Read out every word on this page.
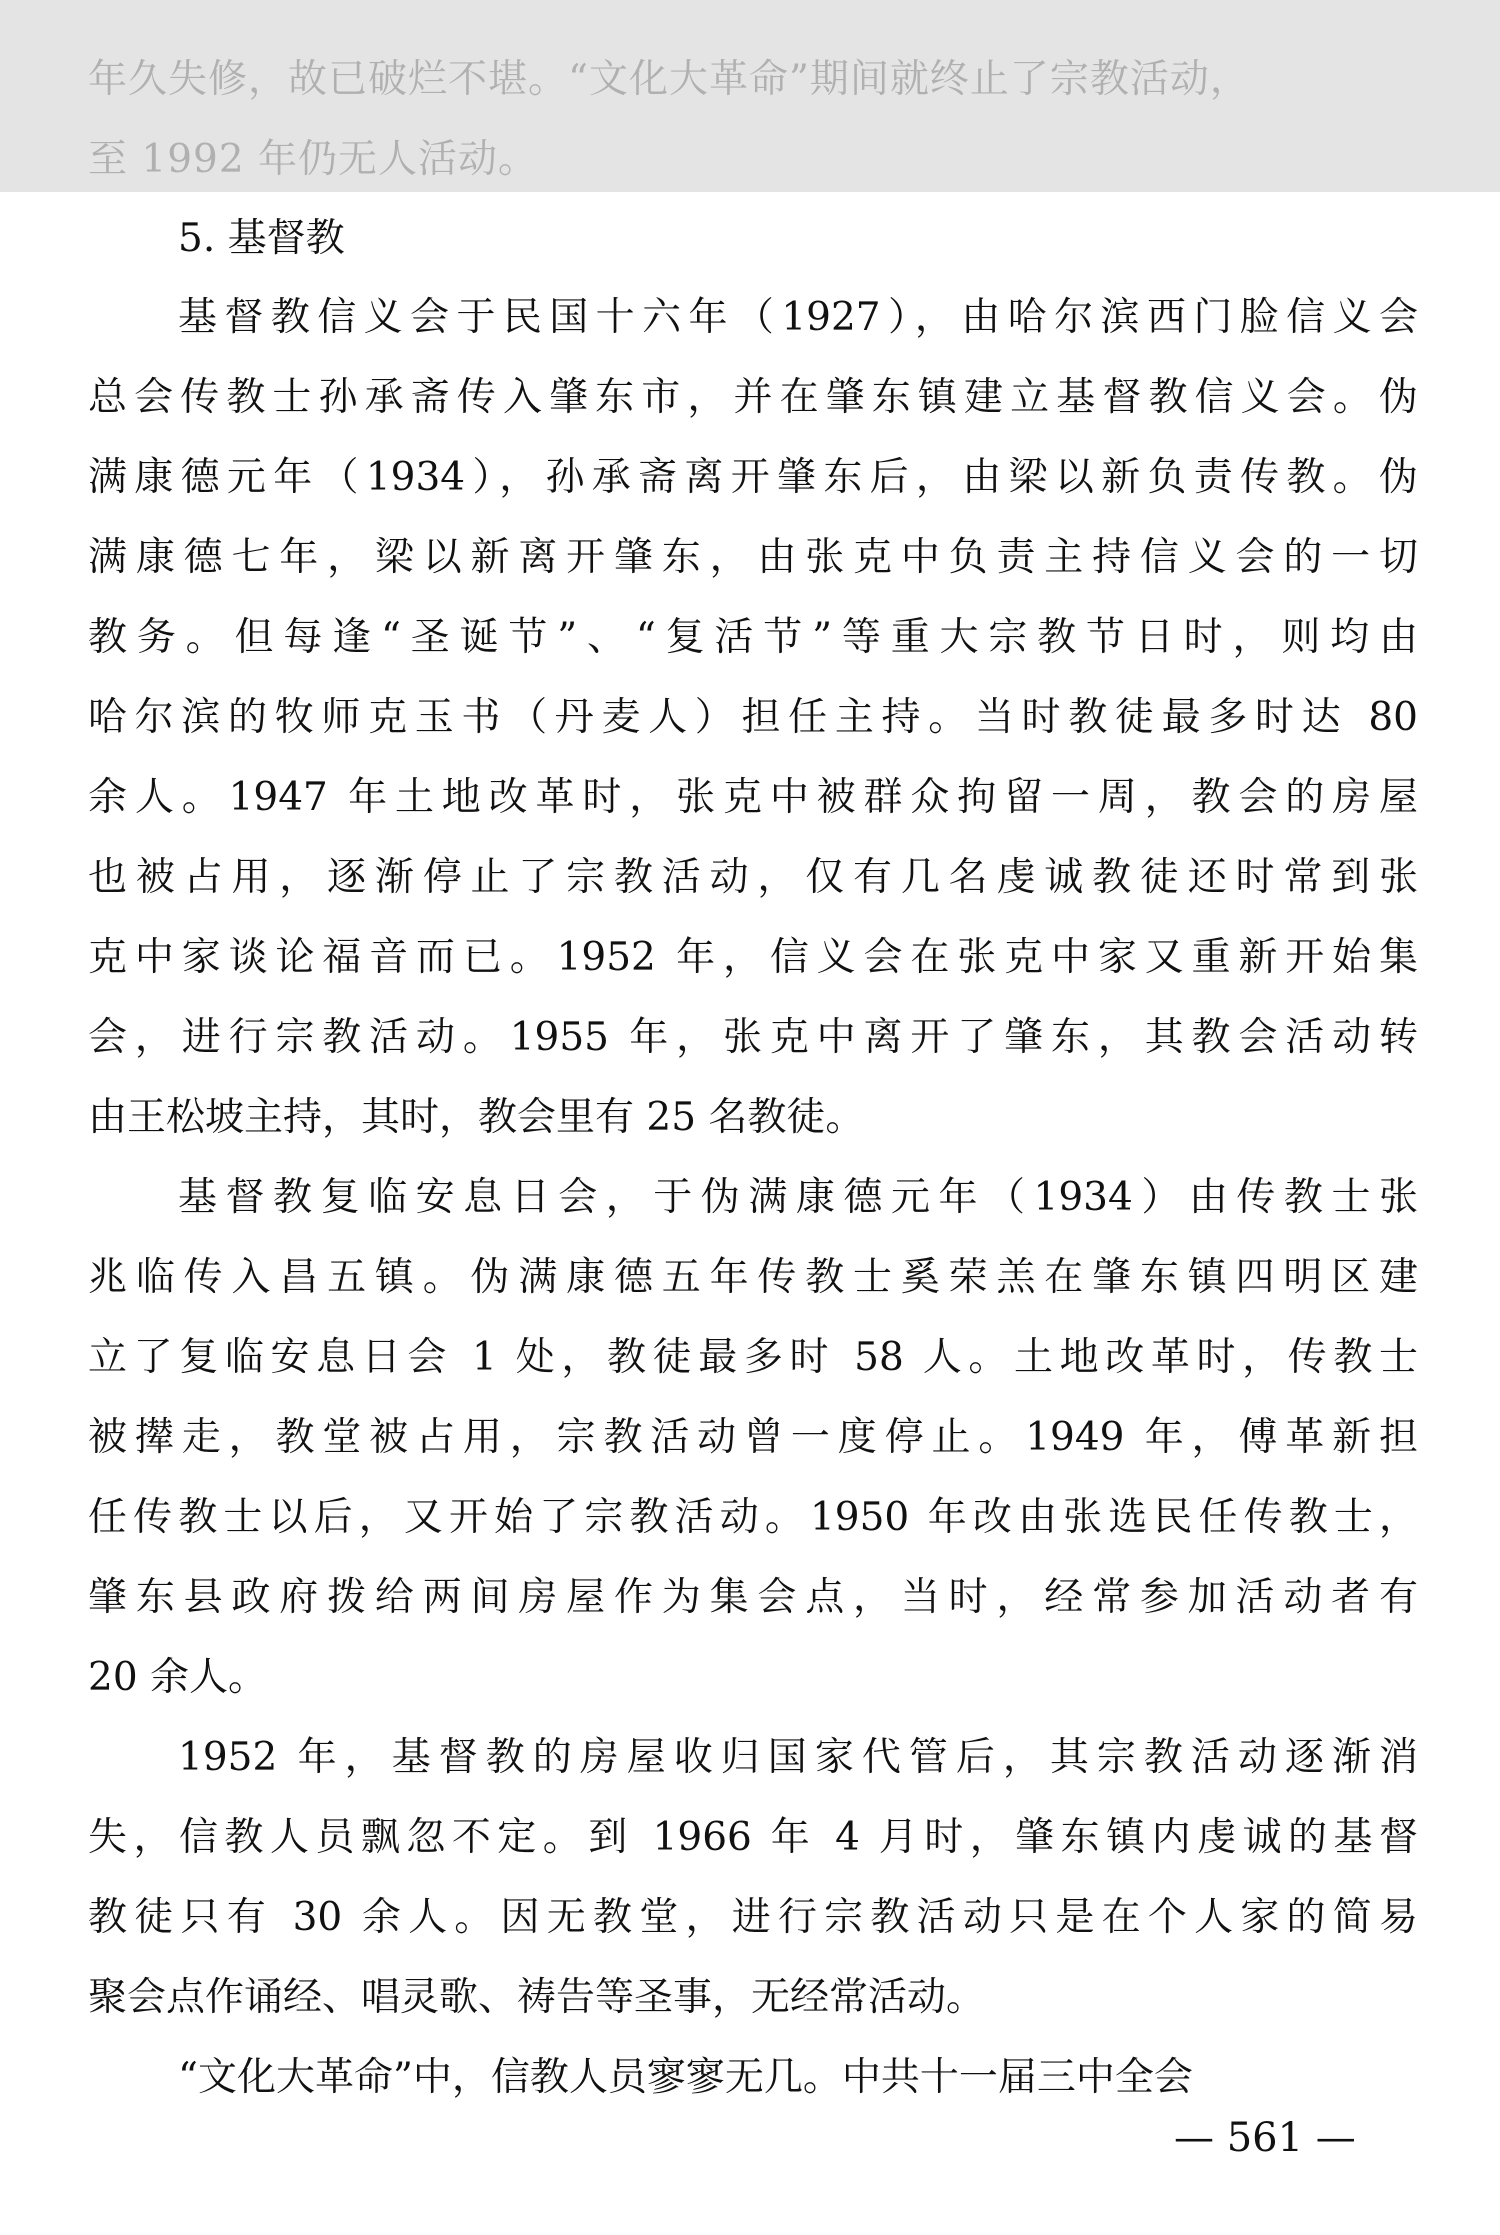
年久失修，故已破烂不堪。“文化大革命”期间就终止了宗教活动，

至 1992 年仍无人活动。

5. 基督教
基督教信义会于民国十六年（1927），由哈尔滨西门脸信义会
总会传教士孙承斋传入肇东市，并在肇东镇建立基督教信义会。伪
满康德元年（1934），孙承斋离开肇东后，由梁以新负责传教。伪
满康德七年，梁以新离开肇东，由张克中负责主持信义会的一切
教务。但每逢“圣诞节”、“复活节”等重大宗教节日时，则均由
哈尔滨的牧师克玉书（丹麦人）担任主持。当时教徒最多时达 80
余人。1947 年土地改革时，张克中被群众拘留一周，教会的房屋
也被占用，逐渐停止了宗教活动，仅有几名虔诚教徒还时常到张
克中家谈论福音而已。1952 年，信义会在张克中家又重新开始集
会，进行宗教活动。1955 年，张克中离开了肇东，其教会活动转
由王松坡主持，其时，教会里有 25 名教徒。
基督教复临安息日会，于伪满康德元年（1934）由传教士张
兆临传入昌五镇。伪满康德五年传教士奚荣羔在肇东镇四明区建
立了复临安息日会 1 处，教徒最多时 58 人。土地改革时，传教士
被撵走，教堂被占用，宗教活动曾一度停止。1949 年，傅革新担
任传教士以后，又开始了宗教活动。1950 年改由张选民任传教士，
肇东县政府拨给两间房屋作为集会点，当时，经常参加活动者有
20 余人。
1952 年，基督教的房屋收归国家代管后，其宗教活动逐渐消
失，信教人员飘忽不定。到 1966 年 4 月时，肇东镇内虔诚的基督
教徒只有 30 余人。因无教堂，进行宗教活动只是在个人家的简易
聚会点作诵经、唱灵歌、祷告等圣事，无经常活动。
“文化大革命”中，信教人员寥寥无几。中共十一届三中全会
— 561 —
